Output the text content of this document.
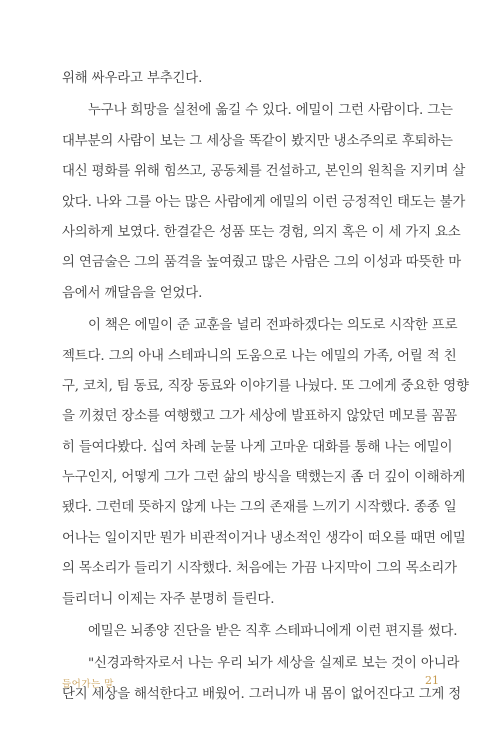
위해 싸우라고 부추긴다.
누구나 희망을 실천에 옮길 수 있다. 에밀이 그런 사람이다. 그는
대부분의 사람이 보는 그 세상을 똑같이 봤지만 냉소주의로 후퇴하는
대신 평화를 위해 힘쓰고, 공동체를 건설하고, 본인의 원칙을 지키며 살
았다. 나와 그를 아는 많은 사람에게 에밀의 이런 긍정적인 태도는 불가
사의하게 보였다. 한결같은 성품 또는 경험, 의지 혹은 이 세 가지 요소
의 연금술은 그의 품격을 높여줬고 많은 사람은 그의 이성과 따뜻한 마
음에서 깨달음을 얻었다.
이 책은 에밀이 준 교훈을 널리 전파하겠다는 의도로 시작한 프로
젝트다. 그의 아내 스테파니의 도움으로 나는 에밀의 가족, 어릴 적 친
구, 코치, 팀 동료, 직장 동료와 이야기를 나눴다. 또 그에게 중요한 영향
을 끼쳤던 장소를 여행했고 그가 세상에 발표하지 않았던 메모를 꼼꼼
히 들여다봤다. 십여 차례 눈물 나게 고마운 대화를 통해 나는 에밀이
누구인지, 어떻게 그가 그런 삶의 방식을 택했는지 좀 더 깊이 이해하게
됐다. 그런데 뜻하지 않게 나는 그의 존재를 느끼기 시작했다. 종종 일
어나는 일이지만 뭔가 비관적이거나 냉소적인 생각이 떠오를 때면 에밀
의 목소리가 들리기 시작했다. 처음에는 가끔 나지막이 그의 목소리가
들리더니 이제는 자주 분명히 들린다.
에밀은 뇌종양 진단을 받은 직후 스테파니에게 이런 편지를 썼다.
"신경과학자로서 나는 우리 뇌가 세상을 실제로 보는 것이 아니라
단지 세상을 해석한다고 배웠어. 그러니까 내 몸이 없어진다고 그게 정
들어가는 말	21
